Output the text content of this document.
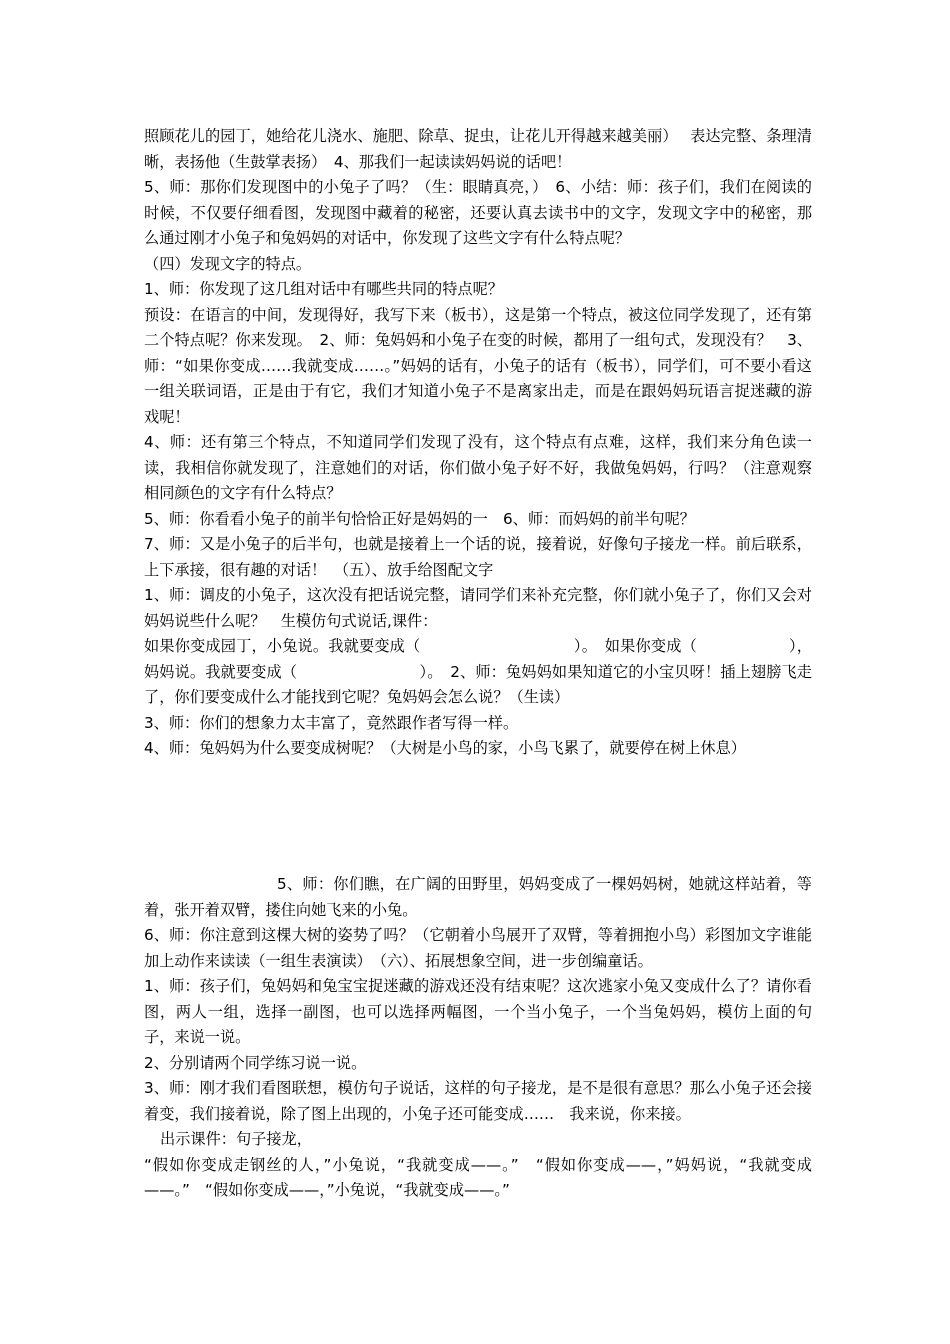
照顾花儿的园丁，她给花儿浇水、施肥、除草、捉虫，让花儿开得越来越美丽）　 表达完整、条理清晰，表扬他（生鼓掌表扬）　4、那我们一起读读妈妈说的话吧！

5、师：那你们发现图中的小兔子了吗？（生：眼睛真亮，）　6、小结：师：孩子们，我们在阅读的时候，不仅要仔细看图，发现图中藏着的秘密，还要认真去读书中的文字，发现文字中的秘密，那么通过刚才小兔子和兔妈妈的对话中，你发现了这些文字有什么特点呢？

（四）发现文字的特点。

1、师：你发现了这几组对话中有哪些共同的特点呢？

预设：在语言的中间，发现得好，我写下来（板书），这是第一个特点，被这位同学发现了，还有第二个特点呢？你来发现。　2、师：兔妈妈和小兔子在变的时候，都用了一组句式，发现没有？　3、师：“如果你变成……我就变成……。”妈妈的话有，小兔子的话有（板书），同学们，可不要小看这一组关联词语，正是由于有它，我们才知道小兔子不是离家出走，而是在跟妈妈玩语言捉迷藏的游戏呢！

4、师：还有第三个特点，不知道同学们发现了没有，这个特点有点难，这样，我们来分角色读一读，我相信你就发现了，注意她们的对话，你们做小兔子好不好，我做兔妈妈，行吗？（注意观察相同颜色的文字有什么特点？

5、师：你看看小兔子的前半句恰恰正好是妈妈的一　6、师：而妈妈的前半句呢？

7、师：又是小兔子的后半句，也就是接着上一个话的说，接着说，好像句子接龙一样。前后联系，上下承接，很有趣的对话！　（五）、放手给图配文字

1、师：调皮的小兔子，这次没有把话说完整，请同学们来补充完整，你们就小兔子了，你们又会对妈妈说些什么呢？　生模仿句式说话,课件：

如果你变成园丁，小兔说。我就要变成（　　　　　　　　　　）。　如果你变成（　　　　　　），妈妈说。我就要变成（　　　　　　　　）。　2、师：兔妈妈如果知道它的小宝贝呀！插上翅膀飞走了，你们要变成什么才能找到它呢？兔妈妈会怎么说？（生读）

3、师：你们的想象力太丰富了，竟然跟作者写得一样。

4、师：兔妈妈为什么要变成树呢？（大树是小鸟的家，小鸟飞累了，就要停在树上休息）

5、师：你们瞧，在广阔的田野里，妈妈变成了一棵妈妈树，她就这样站着，等着，张开着双臂，搂住向她飞来的小兔。

6、师：你注意到这棵大树的姿势了吗？（它朝着小鸟展开了双臂，等着拥抱小鸟）彩图加文字谁能加上动作来读读（一组生表演读）　（六）、拓展想象空间，进一步创编童话。

1、师：孩子们，兔妈妈和兔宝宝捉迷藏的游戏还没有结束呢？这次逃家小兔又变成什么了？请你看图，两人一组，选择一副图，也可以选择两幅图，一个当小兔子，一个当兔妈妈，模仿上面的句子，来说一说。

2、分别请两个同学练习说一说。

3、师：刚才我们看图联想，模仿句子说话，这样的句子接龙，是不是很有意思？那么小兔子还会接着变，我们接着说，除了图上出现的，小兔子还可能变成……　我来说，你来接。

出示课件：句子接龙，

“假如你变成走钢丝的人，”小兔说，“我就变成——。”　“假如你变成——，”妈妈说，“我就变成——。”　“假如你变成——，”小兔说，“我就变成——。”
